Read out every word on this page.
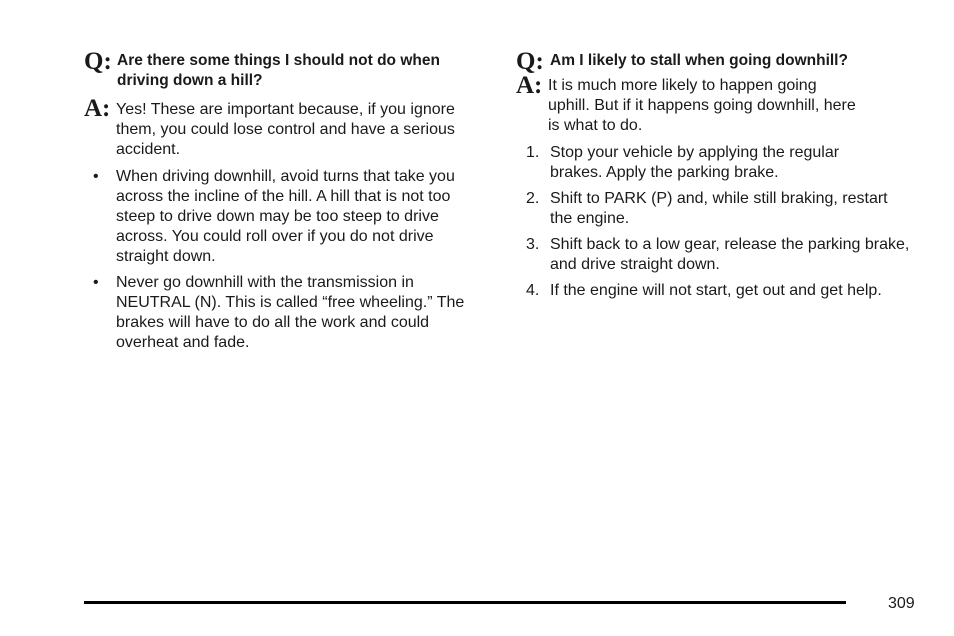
Q: Are there some things I should not do when driving down a hill?
A: Yes! These are important because, if you ignore them, you could lose control and have a serious accident.
• When driving downhill, avoid turns that take you across the incline of the hill. A hill that is not too steep to drive down may be too steep to drive across. You could roll over if you do not drive straight down.
• Never go downhill with the transmission in NEUTRAL (N). This is called “free wheeling.” The brakes will have to do all the work and could overheat and fade.
Q: Am I likely to stall when going downhill?
A: It is much more likely to happen going uphill. But if it happens going downhill, here is what to do.
1. Stop your vehicle by applying the regular brakes. Apply the parking brake.
2. Shift to PARK (P) and, while still braking, restart the engine.
3. Shift back to a low gear, release the parking brake, and drive straight down.
4. If the engine will not start, get out and get help.
309
